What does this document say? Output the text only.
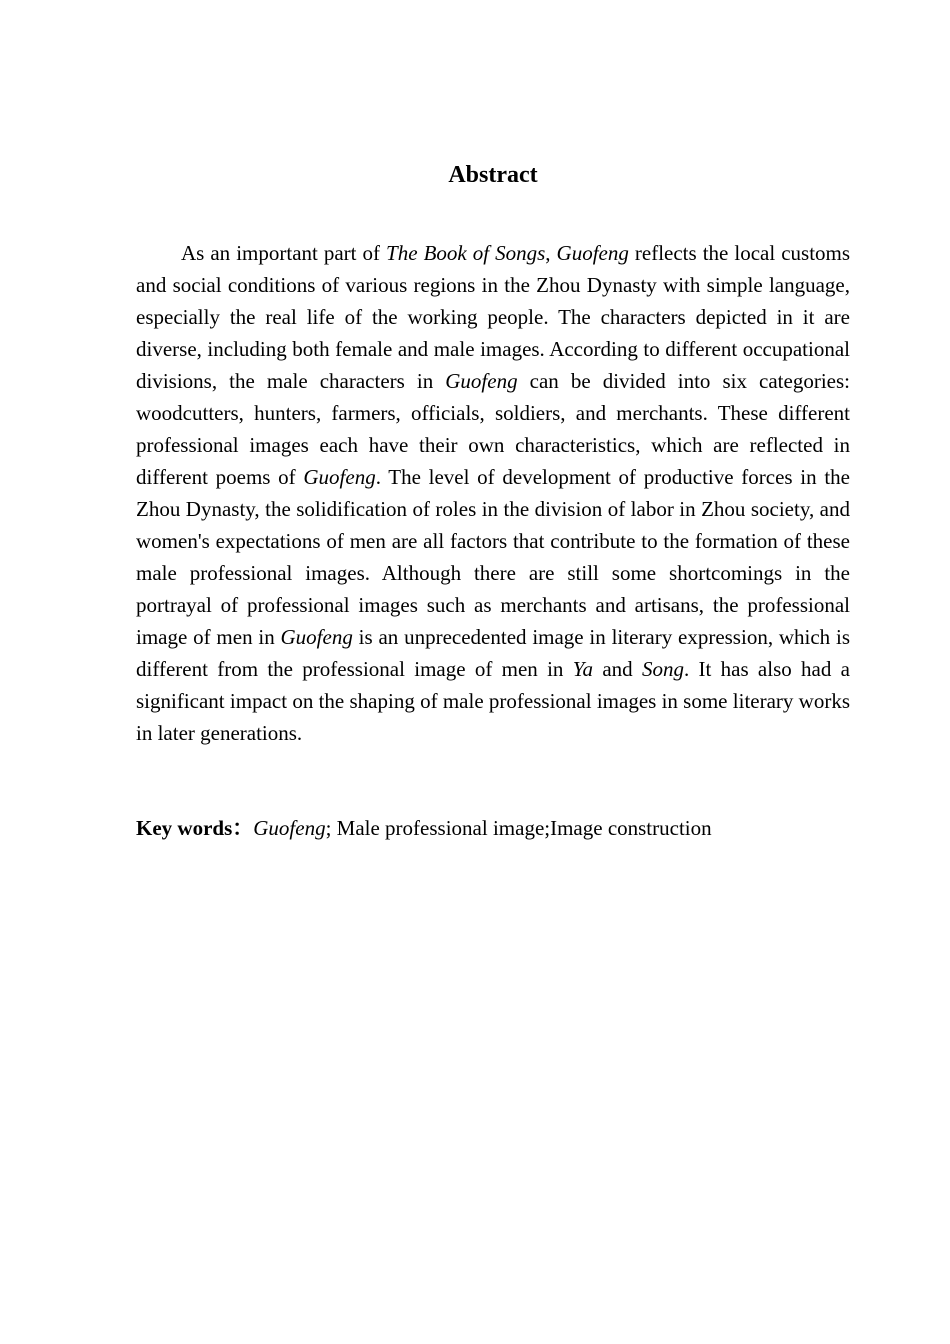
Abstract

As an important part of The Book of Songs, Guofeng reflects the local customs and social conditions of various regions in the Zhou Dynasty with simple language, especially the real life of the working people. The characters depicted in it are diverse, including both female and male images. According to different occupational divisions, the male characters in Guofeng can be divided into six categories: woodcutters, hunters, farmers, officials, soldiers, and merchants. These different professional images each have their own characteristics, which are reflected in different poems of Guofeng. The level of development of productive forces in the Zhou Dynasty, the solidification of roles in the division of labor in Zhou society, and women's expectations of men are all factors that contribute to the formation of these male professional images. Although there are still some shortcomings in the portrayal of professional images such as merchants and artisans, the professional image of men in Guofeng is an unprecedented image in literary expression, which is different from the professional image of men in Ya and Song. It has also had a significant impact on the shaping of male professional images in some literary works in later generations.

Key words：Guofeng; Male professional image;Image construction
